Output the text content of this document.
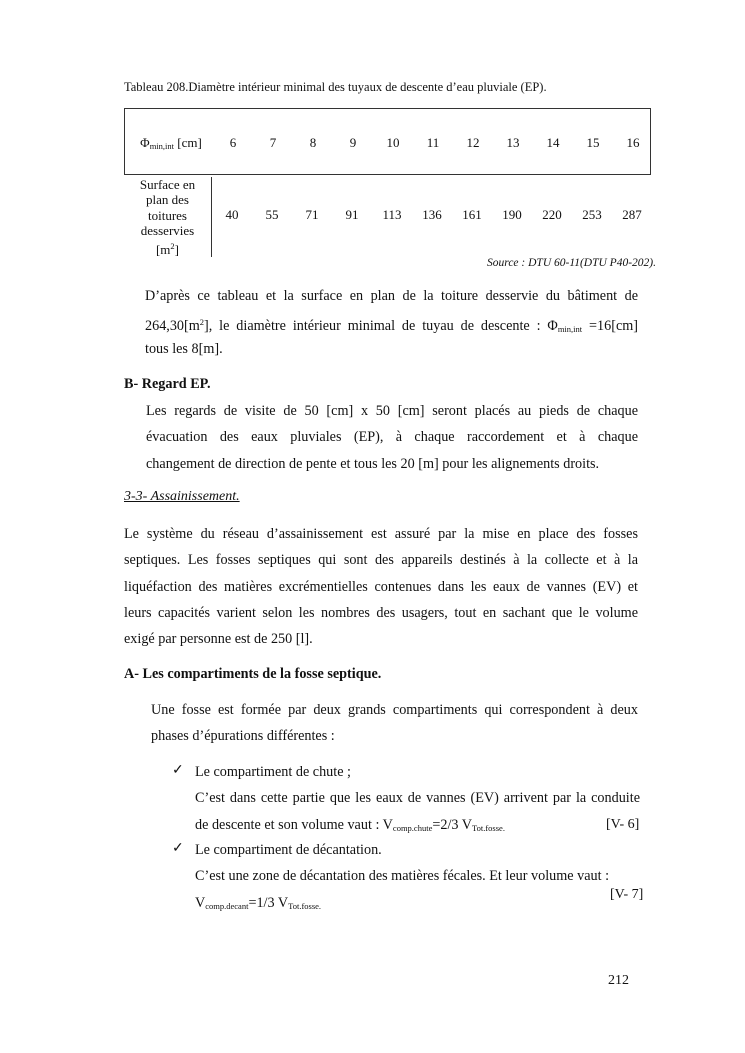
Tableau 208.Diamètre intérieur minimal des tuyaux de descente d’eau pluviale (EP).
$\Phi_{min,int}$ [cm]	6	7	8	9	10	11	12	13	14	15	16
Surface en
plan des
toitures
desservies
$[m^2]$
40 55 71 91 113 136 161 190 220 253 287
Source : DTU 60-11(DTU P40-202).
D’après ce tableau et la surface en plan de la toiture desservie du bâtiment de
$264,30[m^2]$, le diamètre intérieur minimal de tuyau de descente : $\Phi_{min,int} =16[cm]$
tous les 8[m].
B- Regard EP.
Les regards de visite de 50 [cm] x 50 [cm] seront placés au pieds de chaque
évacuation des eaux pluviales (EP), à chaque raccordement et à chaque
changement de direction de pente et tous les 20 [m] pour les alignements droits.
3-3- Assainissement.
Le système du réseau d’assainissement est assuré par la mise en place des fosses
septiques. Les fosses septiques qui sont des appareils destinés à la collecte et à la
liquéfaction des matières excrémentielles contenues dans les eaux de vannes (EV) et
leurs capacités varient selon les nombres des usagers, tout en sachant que le volume
exigé par personne est de 250 [l].
A- Les compartiments de la fosse septique.
Une fosse est formée par deux grands compartiments qui correspondent à deux
phases d’épurations différentes :
✓ Le compartiment de chute ;
C’est dans cette partie que les eaux de vannes (EV) arrivent par la conduite
de descente et son volume vaut : $V_{comp.chute}=2/3$ $V_{Tot.fosse.}$	[V- 6]
✓ Le compartiment de décantation.
C’est une zone de décantation des matières fécales. Et leur volume vaut :
$V_{comp.decant}=1/3$ $V_{Tot.fosse.}$
[V- 7]
212
